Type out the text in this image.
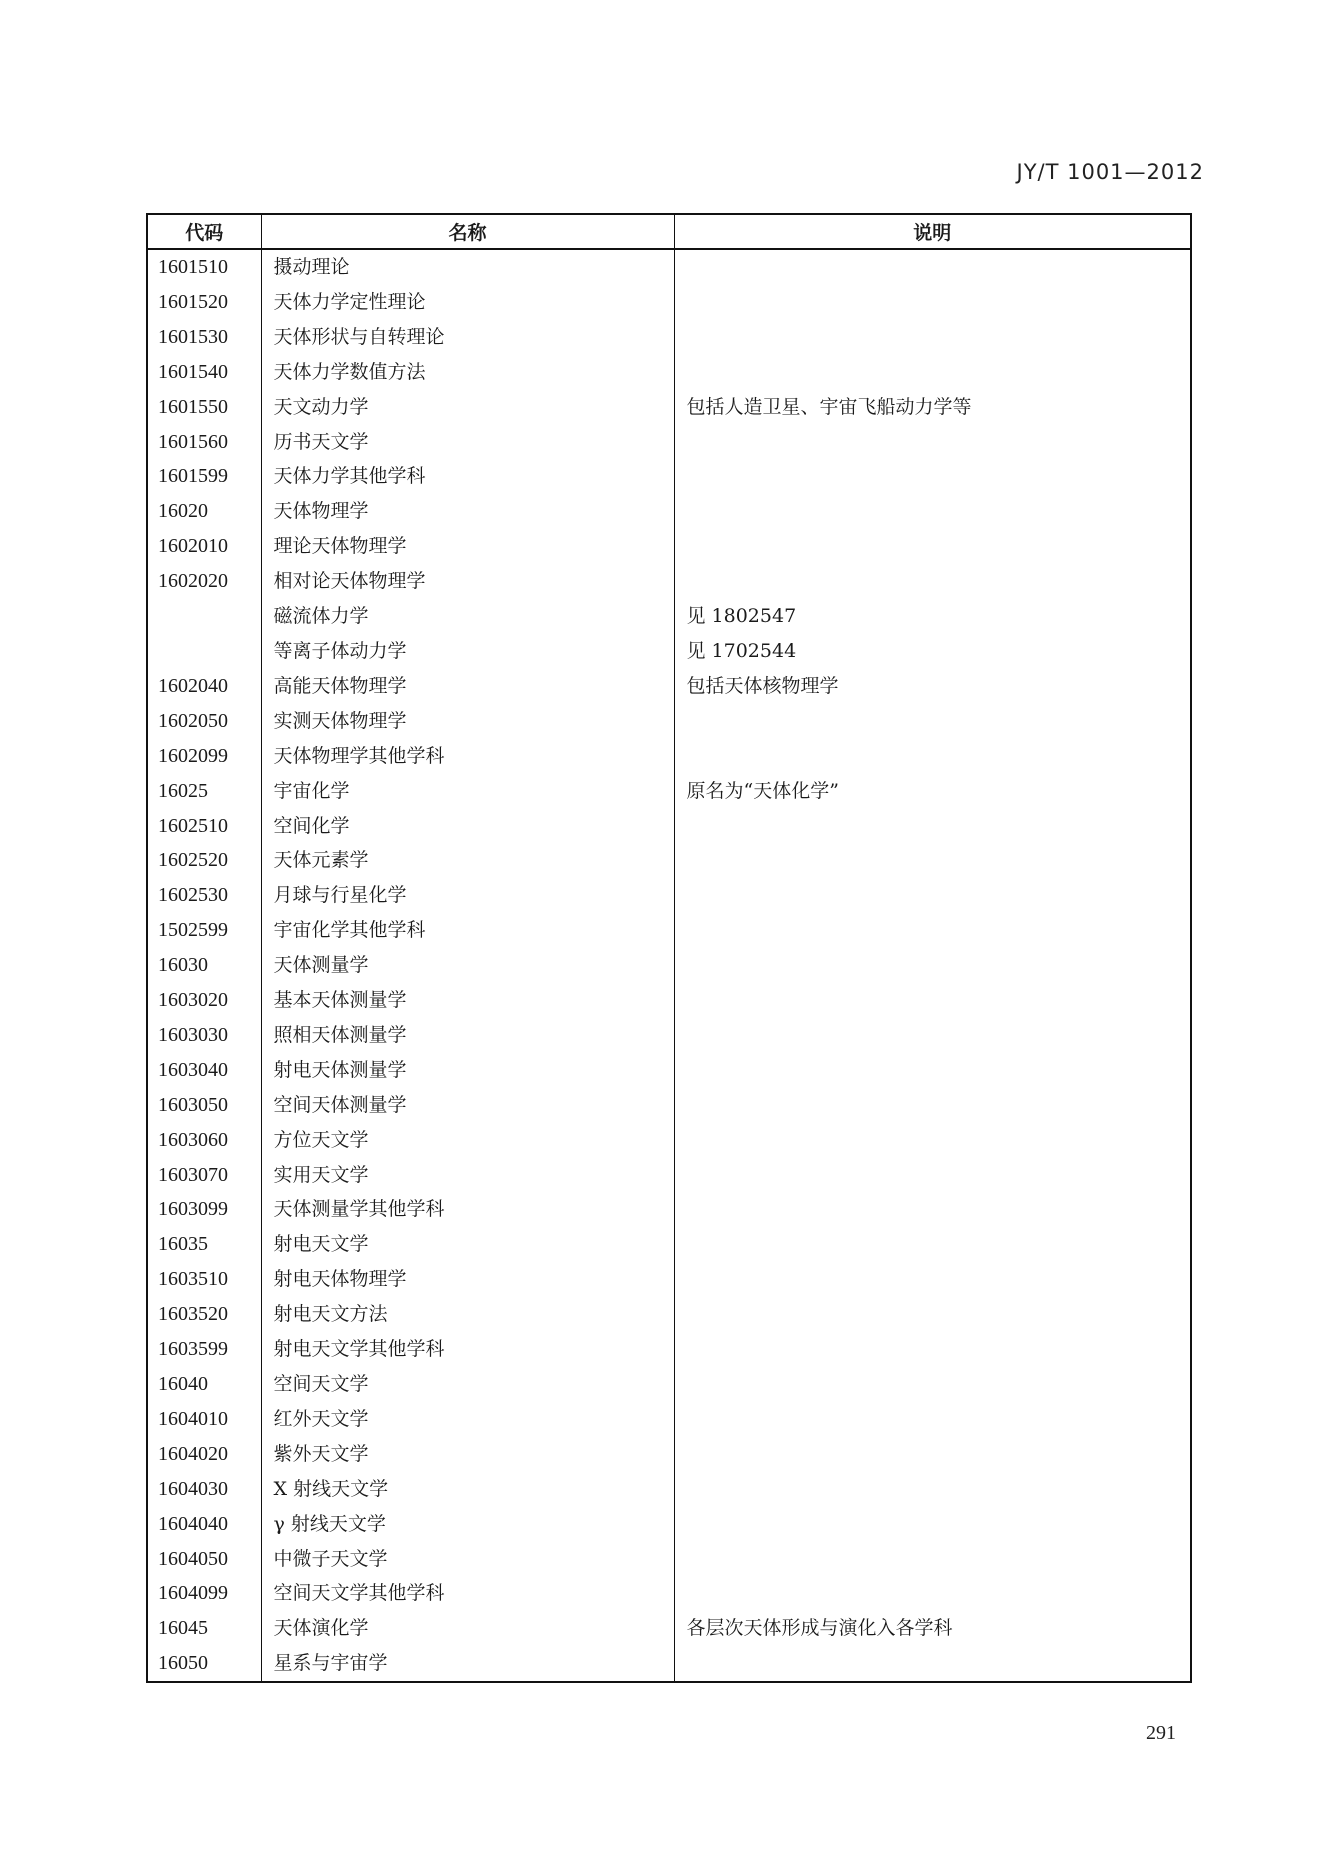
JY/T 1001—2012
代码	名称	说明
1601510	摄动理论	
1601520	天体力学定性理论	
1601530	天体形状与自转理论	
1601540	天体力学数值方法	
1601550	天文动力学	包括人造卫星、宇宙飞船动力学等
1601560	历书天文学	
1601599	天体力学其他学科	
16020	天体物理学	
1602010	理论天体物理学	
1602020	相对论天体物理学	
	磁流体力学	见 1802547
	等离子体动力学	见 1702544
1602040	高能天体物理学	包括天体核物理学
1602050	实测天体物理学	
1602099	天体物理学其他学科	
16025	宇宙化学	原名为“天体化学”
1602510	空间化学	
1602520	天体元素学	
1602530	月球与行星化学	
1502599	宇宙化学其他学科	
16030	天体测量学	
1603020	基本天体测量学	
1603030	照相天体测量学	
1603040	射电天体测量学	
1603050	空间天体测量学	
1603060	方位天文学	
1603070	实用天文学	
1603099	天体测量学其他学科	
16035	射电天文学	
1603510	射电天体物理学	
1603520	射电天文方法	
1603599	射电天文学其他学科	
16040	空间天文学	
1604010	红外天文学	
1604020	紫外天文学	
1604030	X 射线天文学	
1604040	γ 射线天文学	
1604050	中微子天文学	
1604099	空间天文学其他学科	
16045	天体演化学	各层次天体形成与演化入各学科
16050	星系与宇宙学	
291
